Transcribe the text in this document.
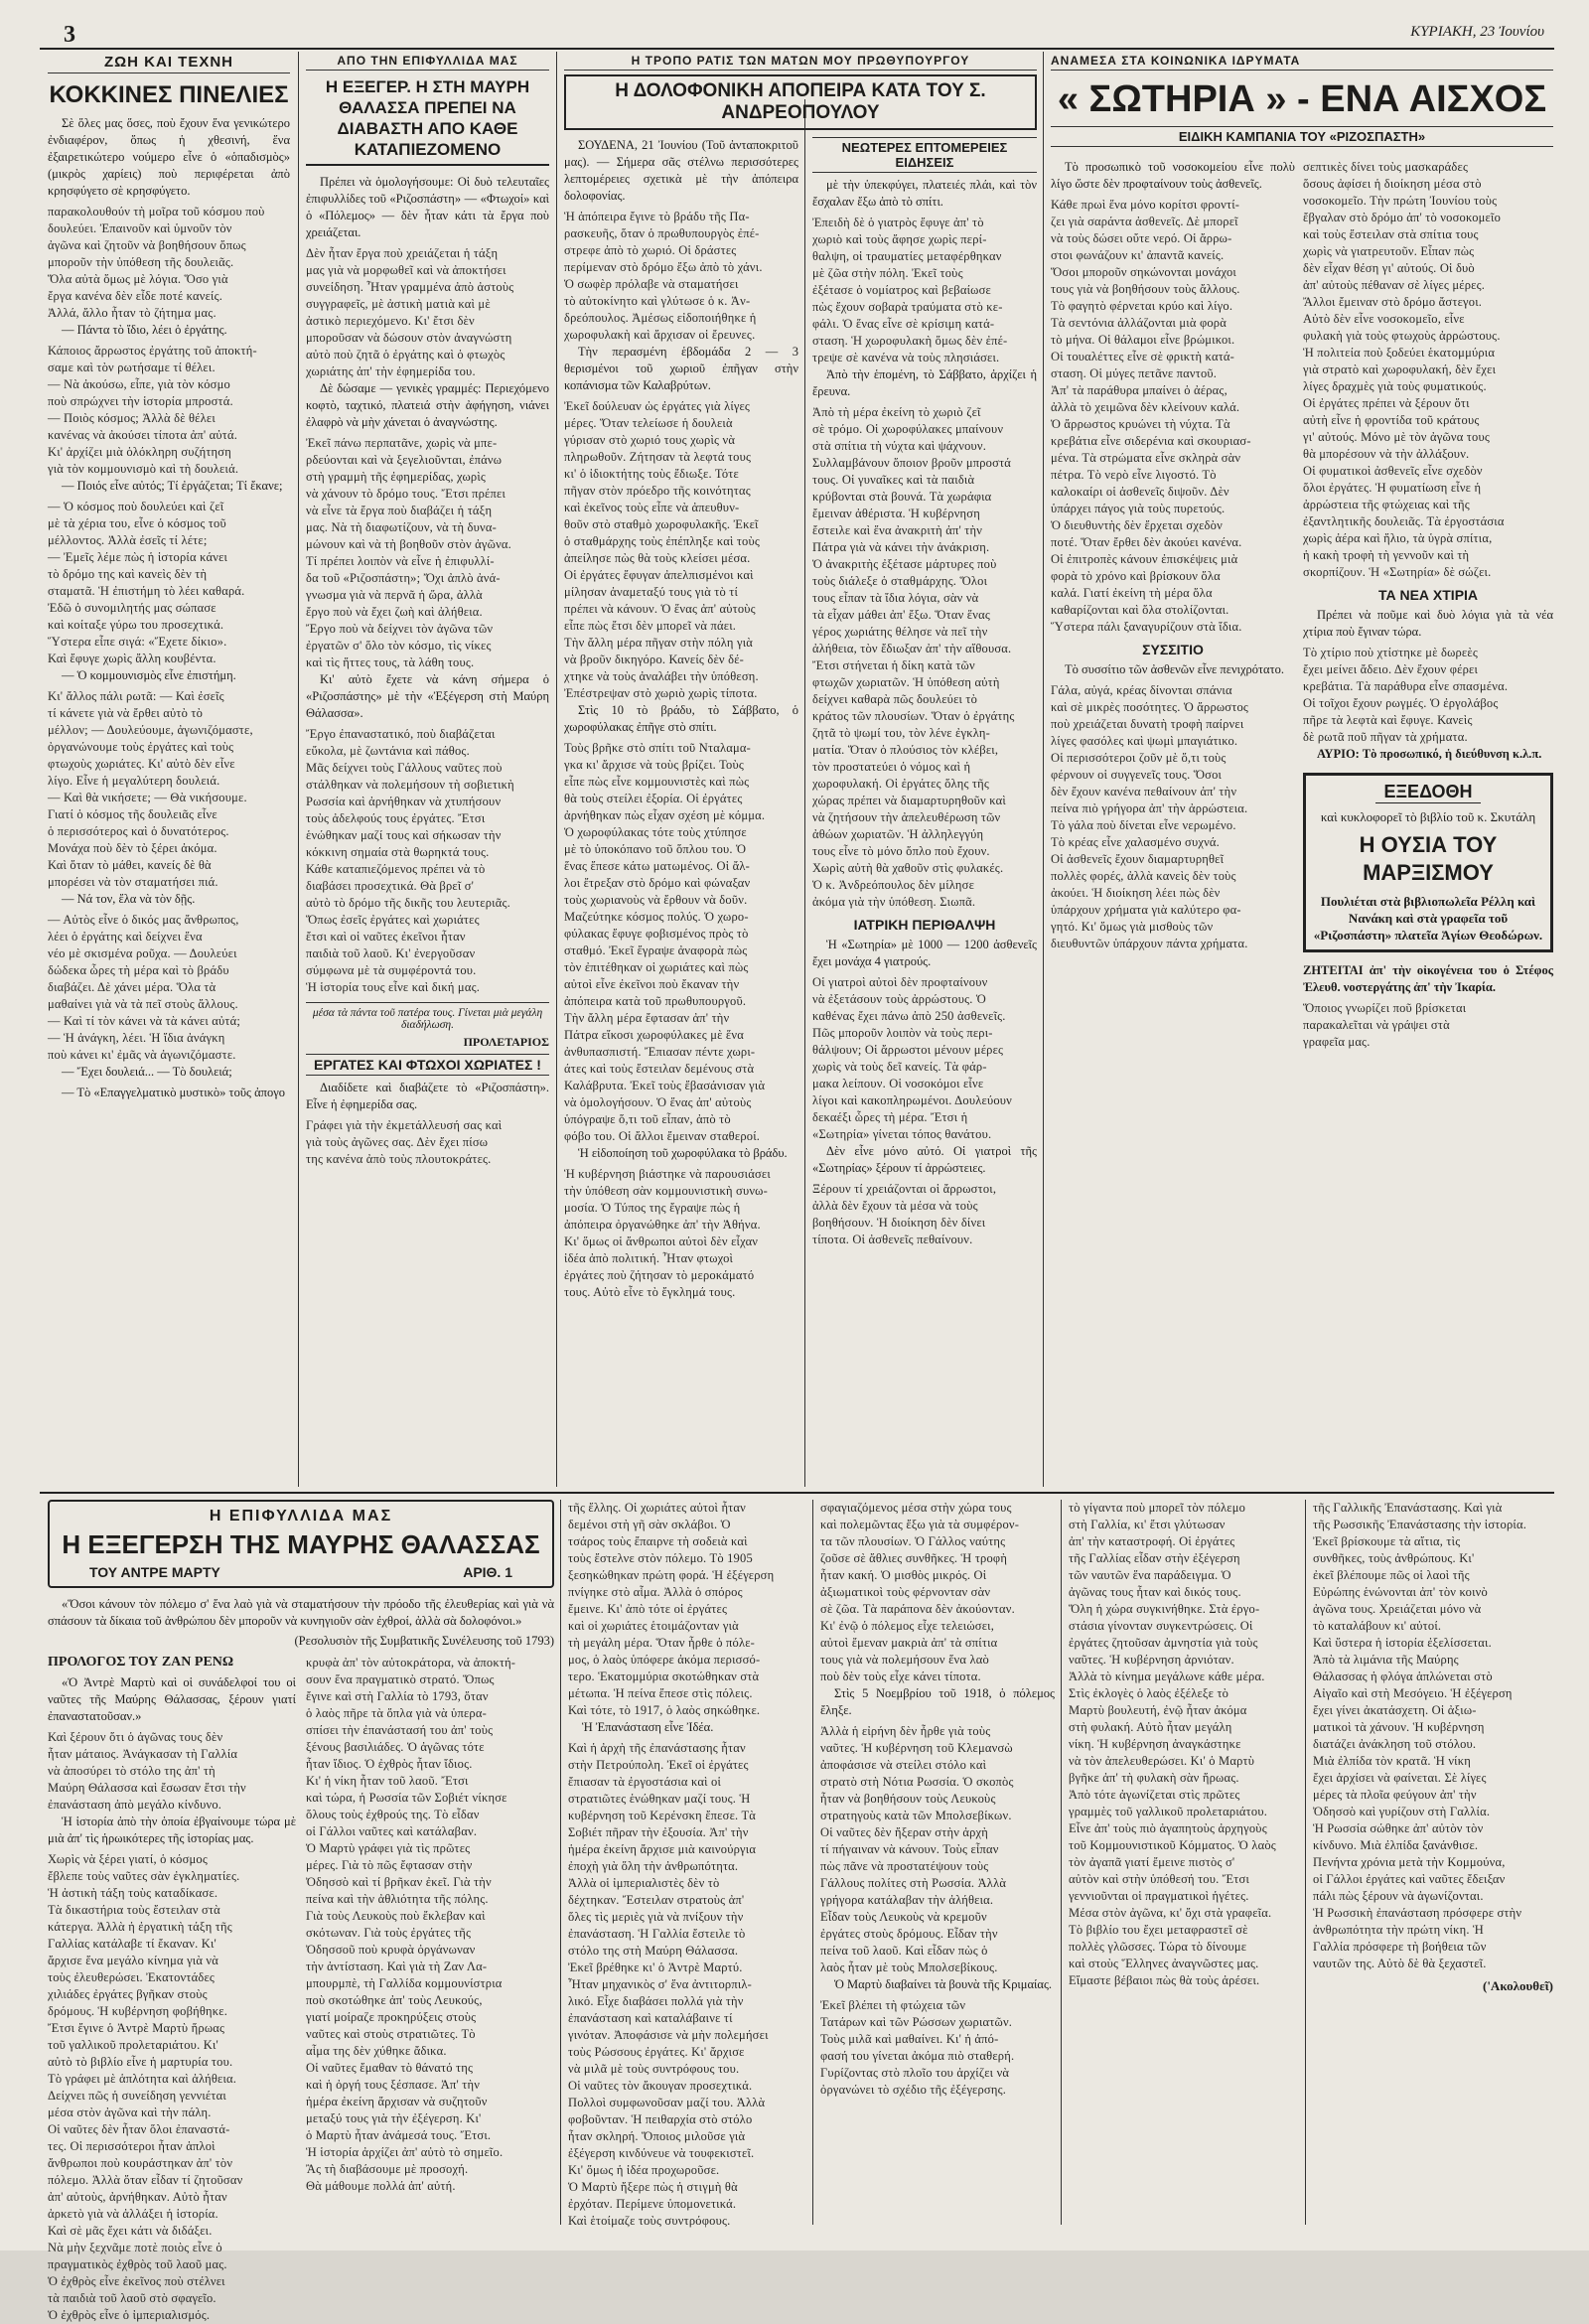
3	ΚΥΡΙΑΚΗ, 23 Ἰουνίου
ΖΩΗ ΚΑΙ ΤΕΧΝΗ
ΚΟΚΚΙΝΕΣ ΠΙΝΕΛΙΕΣ

Σὲ ὅλες μας ὅσες, ποὺ ἔχουν ἕνα γενικώτερο ἐνδιαφέρον, ὅπως ἡ χθεσινή, ἕνα ἐξαιρετικώτερο νούμερο εἶνε ὁ «ὁπαδισμὸς» (μικρὸς χαρίεις) ποὺ περιφέρεται ἀπὸ κρησφύγετο σὲ κρησφύγετο.

παρακολουθούν τὴ μοῖρα τοῦ κόσμου ποὺ
δουλεύει. Ἐπαινοῦν καὶ ὑμνοῦν τὸν
ἀγῶνα καὶ ζητοῦν νὰ βοηθήσουν ὅπως
μποροῦν τὴν ὑπόθεση τῆς δουλειᾶς.
Ὅλα αὐτὰ ὅμως μὲ λόγια. Ὅσο γιὰ
ἔργα κανένα δὲν εἶδε ποτέ κανείς.
Ἀλλά, ἄλλο ἦταν τὸ ζήτημα μας.

— Πάντα τὸ ἴδιο, λέει ὁ ἐργάτης.

Κάποιος ἄρρωστος ἐργάτης τοῦ ἀποκτή-
σαμε καὶ τὸν ρωτήσαμε τί θέλει.
— Νὰ ἀκούσω, εἶπε, γιὰ τὸν κόσμο
ποὺ σπρώχνει τὴν ἱστορία μπροστά.
— Ποιὸς κόσμος; Ἀλλὰ δὲ θέλει
κανένας νὰ ἀκούσει τίποτα ἀπ' αὐτά.
Κι' ἀρχίζει μιὰ ὁλόκληρη συζήτηση
γιὰ τὸν κομμουνισμὸ καὶ τὴ δουλειά.

— Ποιός εἶνε αὐτός; Τί ἐργάζεται; Τί ἔκανε;

— Ὁ κόσμος ποὺ δουλεύει καὶ ζεῖ
μὲ τὰ χέρια του, εἶνε ὁ κόσμος τοῦ
μέλλοντος. Ἀλλὰ ἐσεῖς τί λέτε;
— Ἐμεῖς λέμε πὼς ἡ ἱστορία κάνει
τὸ δρόμο της καὶ κανεὶς δὲν τὴ
σταματᾶ. Ἡ ἐπιστήμη τὸ λέει καθαρά.
Ἐδῶ ὁ συνομιλητής μας σώπασε
καὶ κοίταξε γύρω του προσεχτικά.
Ὕστερα εἶπε σιγά: «Ἔχετε δίκιο».
Καὶ ἔφυγε χωρὶς ἄλλη κουβέντα.

— Ὁ κομμουνισμὸς εἶνε ἐπιστήμη.

Κι' ἄλλος πάλι ρωτᾶ: — Καὶ ἐσεῖς
τί κάνετε γιὰ νὰ ἔρθει αὐτὸ τὸ
μέλλον; — Δουλεύουμε, ἀγωνιζόμαστε,
ὀργανώνουμε τοὺς ἐργάτες καὶ τοὺς
φτωχοὺς χωριάτες. Κι' αὐτὸ δὲν εἶνε
λίγο. Εἶνε ἡ μεγαλύτερη δουλειά.
— Καὶ θὰ νικήσετε; — Θὰ νικήσουμε.
Γιατί ὁ κόσμος τῆς δουλειᾶς εἶνε
ὁ περισσότερος καὶ ὁ δυνατότερος.
Μονάχα ποὺ δὲν τὸ ξέρει ἀκόμα.
Καὶ ὅταν τὸ μάθει, κανείς δὲ θὰ
μπορέσει νὰ τὸν σταματήσει πιά.

— Νά τον, ἔλα νὰ τὸν δῇς.

— Αὐτὸς εἶνε ὁ δικός μας ἄνθρωπος,
λέει ὁ ἐργάτης καὶ δείχνει ἕνα
νέο μὲ σκισμένα ροῦχα. — Δουλεύει
δώδεκα ὧρες τὴ μέρα καὶ τὸ βράδυ
διαβάζει. Δὲ χάνει μέρα. Ὅλα τὰ
μαθαίνει γιὰ νὰ τὰ πεῖ στοὺς ἄλλους.
— Καὶ τί τὸν κάνει νὰ τὰ κάνει αὐτά;
— Ἡ ἀνάγκη, λέει. Ἡ ἴδια ἀνάγκη
ποὺ κάνει κι' ἐμᾶς νὰ ἀγωνιζόμαστε.

— Ἔχει δουλειά... — Τὸ δουλειά;

— Τὸ «Επαγγελματικὸ μυστικὸ» τοῦς ἀπογο

ΑΠΟ ΤΗΝ ΕΠΙΦΥΛΛΙΔΑ ΜΑΣ
Η ΕΞΕΓΕΡ. Η ΣΤΗ ΜΑΥΡΗ ΘΑΛΑΣΣΑ ΠΡΕΠΕΙ ΝΑ ΔΙΑΒΑΣΤΗ ΑΠΟ ΚΑΘΕ ΚΑΤΑΠΙΕΖΟΜΕΝΟ

Πρέπει νὰ ὁμολογήσουμε: Οἱ δυὸ τελευταῖες ἐπιφυλλίδες τοῦ «Ριζοσπάστη» — «Φτωχοί» καὶ ὁ «Πόλεμος» — δὲν ἦταν κάτι τὰ ἔργα ποὺ χρειάζεται.

Δὲν ἦταν ἔργα ποὺ χρειάζεται ἡ τάξη
μας γιὰ νὰ μορφωθεῖ καὶ νὰ ἀποκτήσει
συνείδηση. Ἦταν γραμμένα ἀπὸ ἀστοὺς
συγγραφεῖς, μὲ ἀστικὴ ματιὰ καὶ μὲ
ἀστικὸ περιεχόμενο. Κι' ἔτσι δὲν
μποροῦσαν νὰ δώσουν στὸν ἀναγνώστη
αὐτὸ ποὺ ζητᾶ ὁ ἐργάτης καὶ ὁ φτωχὸς
χωριάτης ἀπ' τὴν ἐφημερίδα του.

Δὲ δώσαμε — γενικὲς γραμμές: Περιεχόμενο κοφτὸ, ταχτικό, πλατειά στὴν ἀφήγηση, νιάνει ἐλαφρὸ νὰ μὴν χάνεται ὁ ἀναγνώστης.

Ἐκεῖ πάνω περπατᾶνε, χωρὶς νὰ μπε-
ρδεύονται καὶ νὰ ξεγελιοῦνται, ἐπάνω
στὴ γραμμὴ τῆς ἐφημερίδας, χωρὶς
νὰ χάνουν τὸ δρόμο τους. Ἔτσι πρέπει
νὰ εἶνε τὰ ἔργα ποὺ διαβάζει ἡ τάξη
μας. Νὰ τὴ διαφωτίζουν, νὰ τὴ δυνα-
μώνουν καὶ νὰ τὴ βοηθοῦν στὸν ἀγῶνα.
Τί πρέπει λοιπὸν νὰ εἶνε ἡ ἐπιφυλλί-
δα τοῦ «Ριζοσπάστη»; Ὄχι ἀπλὸ ἀνά-
γνωσμα γιὰ νὰ περνᾶ ἡ ὥρα, ἀλλὰ
ἔργο ποὺ νὰ ἔχει ζωὴ καὶ ἀλήθεια.
Ἔργο ποὺ νὰ δείχνει τὸν ἀγῶνα τῶν
ἐργατῶν σ' ὅλο τὸν κόσμο, τὶς νίκες
καὶ τὶς ἥττες τους, τὰ λάθη τους.

Κι' αὐτὸ ἔχετε νὰ κάνη σήμερα ὁ «Ριζοσπάστης» μὲ τὴν «Ἐξέγερση στὴ Μαύρη Θάλασσα».

Ἔργο ἐπαναστατικό, ποὺ διαβάζεται
εὔκολα, μὲ ζωντάνια καὶ πάθος.
Μᾶς δείχνει τοὺς Γάλλους ναῦτες ποὺ
στάλθηκαν νὰ πολεμήσουν τὴ σοβιετικὴ
Ρωσσία καὶ ἀρνήθηκαν νὰ χτυπήσουν
τοὺς ἀδελφούς τους ἐργάτες. Ἔτσι
ἑνώθηκαν μαζί τους καὶ σήκωσαν τὴν
κόκκινη σημαία στὰ θωρηκτά τους.
Κάθε καταπιεζόμενος πρέπει νὰ τὸ
διαβάσει προσεχτικά. Θὰ βρεῖ σ'
αὐτὸ τὸ δρόμο τῆς δικῆς του λευτεριᾶς.
Ὅπως ἐσεῖς ἐργάτες καὶ χωριάτες
ἔτσι καὶ οἱ ναῦτες ἐκεῖνοι ἦταν
παιδιὰ τοῦ λαοῦ. Κι' ἐνεργοῦσαν
σύμφωνα μὲ τὰ συμφέροντά του.
Ἡ ἱστορία τους εἶνε καὶ δική μας.
μέσα τὰ πάντα τοῦ πατέρα τους. Γίνεται μιὰ μεγάλη διαδήλωση.
ΠΡΟΛΕΤΑΡΙΟΣ
ΕΡΓΑΤΕΣ ΚΑΙ ΦΤΩΧΟΙ ΧΩΡΙΑΤΕΣ !

Διαδίδετε καὶ διαβάζετε τὸ «Ριζοσπάστη». Εἶνε ἡ ἐφημερίδα σας.

Γράφει γιὰ τὴν ἐκμετάλλευσή σας καὶ
γιὰ τοὺς ἀγῶνες σας. Δὲν ἔχει πίσω
της κανένα ἀπὸ τοὺς πλουτοκράτες.
Η ΤΡΟΠΟ ΡΑΤΙΣ ΤΩΝ ΜΑΤΩΝ ΜΟΥ ΠΡΩΘΥΠΟΥΡΓΟΥ
Η ΔΟΛΟΦΟΝΙΚΗ ΑΠΟΠΕΙΡΑ ΚΑΤΑ ΤΟΥ Σ. ΑΝΔΡΕΟΠΟΥΛΟΥ

ΣΟΥΔΕΝΑ, 21 Ἰουνίου (Τοῦ ἀνταποκριτοῦ μας). — Σήμερα σᾶς στέλνω περισσότερες λεπτομέρειες σχετικὰ μὲ τὴν ἀπόπειρα δολοφονίας.

Ἡ ἀπόπειρα ἔγινε τὸ βράδυ τῆς Πα-
ρασκευῆς, ὅταν ὁ πρωθυπουργὸς ἐπέ-
στρεφε ἀπὸ τὸ χωριό. Οἱ δράστες
περίμεναν στὸ δρόμο ἔξω ἀπὸ τὸ χάνι.
Ὁ σωφὲρ πρόλαβε νὰ σταματήσει
τὸ αὐτοκίνητο καὶ γλύτωσε ὁ κ. Ἀν-
δρεόπουλος. Ἀμέσως εἰδοποιήθηκε ἡ
χωροφυλακὴ καὶ ἄρχισαν οἱ ἔρευνες.

Τὴν περασμένη ἑβδομάδα 2 — 3 θερισμένοι τοῦ χωριοῦ ἐπῆγαν στὴν κοπάνισμα τῶν Καλαβρύτων.

Ἐκεῖ δούλευαν ὡς ἐργάτες γιὰ λίγες
μέρες. Ὅταν τελείωσε ἡ δουλειὰ
γύρισαν στὸ χωριό τους χωρὶς νὰ
πληρωθοῦν. Ζήτησαν τὰ λεφτά τους
κι' ὁ ἰδιοκτήτης τοὺς ἔδιωξε. Τότε
πῆγαν στὸν πρόεδρο τῆς κοινότητας
καὶ ἐκεῖνος τοὺς εἶπε νὰ ἀπευθυν-
θοῦν στὸ σταθμὸ χωροφυλακῆς. Ἐκεῖ
ὁ σταθμάρχης τοὺς ἐπέπληξε καὶ τοὺς
ἀπείλησε πὼς θὰ τοὺς κλείσει μέσα.
Οἱ ἐργάτες ἔφυγαν ἀπελπισμένοι καὶ
μίλησαν ἀναμεταξύ τους γιὰ τὸ τί
πρέπει νὰ κάνουν. Ὁ ἕνας ἀπ' αὐτοὺς
εἶπε πὼς ἔτσι δὲν μπορεῖ νὰ πάει.
Τὴν ἄλλη μέρα πῆγαν στὴν πόλη γιὰ
νὰ βροῦν δικηγόρο. Κανείς δὲν δέ-
χτηκε νὰ τοὺς ἀναλάβει τὴν ὑπόθεση.
Ἐπέστρεψαν στὸ χωριὸ χωρὶς τίποτα.

Στὶς 10 τὸ βράδυ, τὸ Σάββατο, ὁ χωροφύλακας ἐπῆγε στὸ σπίτι.

Τοὺς βρῆκε στὸ σπίτι τοῦ Νταλαμα-
γκα κι' ἄρχισε νὰ τοὺς βρίζει. Τοὺς
εἶπε πὼς εἶνε κομμουνιστὲς καὶ πὼς
θὰ τοὺς στείλει ἐξορία. Οἱ ἐργάτες
ἀρνήθηκαν πὼς εἶχαν σχέση μὲ κόμμα.
Ὁ χωροφύλακας τότε τοὺς χτύπησε
μὲ τὸ ὑποκόπανο τοῦ ὅπλου του. Ὁ
ἕνας ἔπεσε κάτω ματωμένος. Οἱ ἄλ-
λοι ἔτρεξαν στὸ δρόμο καὶ φώναξαν
τοὺς χωριανοὺς νὰ ἔρθουν νὰ δοῦν.
Μαζεύτηκε κόσμος πολύς. Ὁ χωρο-
φύλακας ἔφυγε φοβισμένος πρὸς τὸ
σταθμό. Ἐκεῖ ἔγραψε ἀναφορὰ πὼς
τὸν ἐπιτέθηκαν οἱ χωριάτες καὶ πὼς
αὐτοὶ εἶνε ἐκεῖνοι ποὺ ἔκαναν τὴν
ἀπόπειρα κατὰ τοῦ πρωθυπουργοῦ.
Τὴν ἄλλη μέρα ἔφτασαν ἀπ' τὴν
Πάτρα εἴκοσι χωροφύλακες μὲ ἕνα
ἀνθυπασπιστή. Ἔπιασαν πέντε χωρι-
άτες καὶ τοὺς ἔστειλαν δεμένους στὰ
Καλάβρυτα. Ἐκεῖ τοὺς ἔβασάνισαν γιὰ
νὰ ὁμολογήσουν. Ὁ ἕνας ἀπ' αὐτοὺς
ὑπόγραψε ὅ,τι τοῦ εἶπαν, ἀπὸ τὸ
φόβο του. Οἱ ἄλλοι ἔμειναν σταθεροί.

Ἡ εἰδοποίηση τοῦ χωροφύλακα τὸ βράδυ.

Ἡ κυβέρνηση βιάστηκε νὰ παρουσιάσει
τὴν ὑπόθεση σὰν κομμουνιστικὴ συνω-
μοσία. Ὁ Τύπος της ἔγραψε πὼς ἡ
ἀπόπειρα ὀργανώθηκε ἀπ' τὴν Ἀθήνα.
Κι' ὅμως οἱ ἄνθρωποι αὐτοὶ δὲν εἶχαν
ἰδέα ἀπὸ πολιτική. Ἦταν φτωχοὶ
ἐργάτες ποὺ ζήτησαν τὸ μεροκάματό
τους. Αὐτὸ εἶνε τὸ ἔγκλημά τους.
ΝΕΩΤΕΡΕΣ ΕΠΤΟΜΕΡΕΙΕΣ ΕΙΔΗΣΕΙΣ

μὲ τὴν ὑπεκφύγει, πλατειές πλάι, καὶ τὸν ἔσχαλαν ἔξω ἀπὸ τὸ σπίτι.

Ἐπειδὴ δὲ ὁ γιατρὸς ἔφυγε ἀπ' τὸ
χωριὸ καὶ τοὺς ἄφησε χωρὶς περί-
θαλψη, οἱ τραυματίες μεταφέρθηκαν
μὲ ζῶα στὴν πόλη. Ἐκεῖ τοὺς
ἐξέτασε ὁ νομίατρος καὶ βεβαίωσε
πὼς ἔχουν σοβαρὰ τραύματα στὸ κε-
φάλι. Ὁ ἕνας εἶνε σὲ κρίσιμη κατά-
σταση. Ἡ χωροφυλακὴ ὅμως δὲν ἐπέ-
τρεψε σὲ κανένα νὰ τοὺς πλησιάσει.

Ἀπὸ τὴν ἑπομένη, τὸ Σάββατο, ἀρχίζει ἡ ἔρευνα.

Ἀπὸ τὴ μέρα ἐκείνη τὸ χωριὸ ζεῖ
σὲ τρόμο. Οἱ χωροφύλακες μπαίνουν
στὰ σπίτια τὴ νύχτα καὶ ψάχνουν.
Συλλαμβάνουν ὅποιον βροῦν μπροστά
τους. Οἱ γυναῖκες καὶ τὰ παιδιὰ
κρύβονται στὰ βουνά. Τὰ χωράφια
ἔμειναν ἀθέριστα. Ἡ κυβέρνηση
ἔστειλε καὶ ἕνα ἀνακριτὴ ἀπ' τὴν
Πάτρα γιὰ νὰ κάνει τὴν ἀνάκριση.
Ὁ ἀνακριτὴς ἐξέτασε μάρτυρες ποὺ
τοὺς διάλεξε ὁ σταθμάρχης. Ὅλοι
τους εἶπαν τὰ ἴδια λόγια, σὰν νὰ
τὰ εἶχαν μάθει ἀπ' ἔξω. Ὅταν ἕνας
γέρος χωριάτης θέλησε νὰ πεῖ τὴν
ἀλήθεια, τὸν ἔδιωξαν ἀπ' τὴν αἴθουσα.
Ἔτσι στήνεται ἡ δίκη κατὰ τῶν
φτωχῶν χωριατῶν. Ἡ ὑπόθεση αὐτὴ
δείχνει καθαρὰ πῶς δουλεύει τὸ
κράτος τῶν πλουσίων. Ὅταν ὁ ἐργάτης
ζητᾶ τὸ ψωμί του, τὸν λένε ἐγκλη-
ματία. Ὅταν ὁ πλούσιος τὸν κλέβει,
τὸν προστατεύει ὁ νόμος καὶ ἡ
χωροφυλακή. Οἱ ἐργάτες ὅλης τῆς
χώρας πρέπει νὰ διαμαρτυρηθοῦν καὶ
νὰ ζητήσουν τὴν ἀπελευθέρωση τῶν
ἀθώων χωριατῶν. Ἡ ἀλληλεγγύη
τους εἶνε τὸ μόνο ὅπλο ποὺ ἔχουν.
Χωρὶς αὐτὴ θὰ χαθοῦν στὶς φυλακές.
Ὁ κ. Ἀνδρεόπουλος δὲν μίλησε
ἀκόμα γιὰ τὴν ὑπόθεση. Σιωπᾶ.
ΙΑΤΡΙΚΗ ΠΕΡΙΘΑΛΨΗ

Ἡ «Σωτηρία» μὲ 1000 — 1200 ἀσθενεῖς ἔχει μονάχα 4 γιατρούς.

Οἱ γιατροὶ αὐτοὶ δὲν προφταίνουν
νὰ ἐξετάσουν τοὺς ἀρρώστους. Ὁ
καθένας ἔχει πάνω ἀπὸ 250 ἀσθενεῖς.
Πῶς μποροῦν λοιπὸν νὰ τοὺς περι-
θάλψουν; Οἱ ἄρρωστοι μένουν μέρες
χωρὶς νὰ τοὺς δεῖ κανείς. Τὰ φάρ-
μακα λείπουν. Οἱ νοσοκόμοι εἶνε
λίγοι καὶ κακοπληρωμένοι. Δουλεύουν
δεκαέξι ὧρες τὴ μέρα. Ἔτσι ἡ
«Σωτηρία» γίνεται τόπος θανάτου.

Δὲν εἶνε μόνο αὐτό. Οἱ γιατροὶ τῆς «Σωτηρίας» ξέρουν τί ἀρρώστειες.

Ξέρουν τί χρειάζονται οἱ ἄρρωστοι,
ἀλλὰ δὲν ἔχουν τὰ μέσα νὰ τοὺς
βοηθήσουν. Ἡ διοίκηση δὲν δίνει
τίποτα. Οἱ ἀσθενεῖς πεθαίνουν.
ΑΝΑΜΕΣΑ ΣΤΑ ΚΟΙΝΩΝΙΚΑ ΙΔΡΥΜΑΤΑ
« ΣΩΤΗΡΙΑ » - ΕΝΑ ΑΙΣΧΟΣ
ΕΙΔΙΚΗ ΚΑΜΠΑΝΙΑ ΤΟΥ «ΡΙΖΟΣΠΑΣΤΗ»

Τὸ προσωπικὸ τοῦ νοσοκομείου εἶνε πολὺ λίγο ὥστε δὲν προφταίνουν τοὺς ἀσθενεῖς.

Κάθε πρωὶ ἕνα μόνο κορίτσι φροντί-
ζει γιὰ σαράντα ἀσθενεῖς. Δὲ μπορεῖ
νὰ τοὺς δώσει οὔτε νερό. Οἱ ἄρρω-
στοι φωνάζουν κι' ἀπαντᾶ κανείς.
Ὅσοι μποροῦν σηκώνονται μονάχοι
τους γιὰ νὰ βοηθήσουν τοὺς ἄλλους.
Τὸ φαγητὸ φέρνεται κρύο καὶ λίγο.
Τὰ σεντόνια ἀλλάζονται μιὰ φορὰ
τὸ μήνα. Οἱ θάλαμοι εἶνε βρώμικοι.
Οἱ τουαλέττες εἶνε σὲ φρικτὴ κατά-
σταση. Οἱ μύγες πετᾶνε παντοῦ.
Ἀπ' τὰ παράθυρα μπαίνει ὁ ἀέρας,
ἀλλὰ τὸ χειμῶνα δὲν κλείνουν καλά.
Ὁ ἄρρωστος κρυώνει τὴ νύχτα. Τὰ
κρεβάτια εἶνε σιδερένια καὶ σκουριασ-
μένα. Τὰ στρώματα εἶνε σκληρὰ σὰν
πέτρα. Τὸ νερὸ εἶνε λιγοστό. Τὸ
καλοκαίρι οἱ ἀσθενεῖς διψοῦν. Δὲν
ὑπάρχει πάγος γιὰ τοὺς πυρετούς.
Ὁ διευθυντὴς δὲν ἔρχεται σχεδὸν
ποτέ. Ὅταν ἔρθει δὲν ἀκούει κανένα.
Οἱ ἐπιτροπὲς κάνουν ἐπισκέψεις μιὰ
φορὰ τὸ χρόνο καὶ βρίσκουν ὅλα
καλά. Γιατί ἐκείνη τὴ μέρα ὅλα
καθαρίζονται καὶ ὅλα στολίζονται.
Ὕστερα πάλι ξαναγυρίζουν στὰ ἴδια.
ΣΥΣΣΙΤΙΟ

Τὸ συσσίτιο τῶν ἀσθενῶν εἶνε πενιχρότατο.

Γάλα, αὐγά, κρέας δίνονται σπάνια
καὶ σὲ μικρὲς ποσότητες. Ὁ ἄρρωστος
ποὺ χρειάζεται δυνατὴ τροφὴ παίρνει
λίγες φασόλες καὶ ψωμὶ μπαγιάτικο.
Οἱ περισσότεροι ζοῦν μὲ ὅ,τι τοὺς
φέρνουν οἱ συγγενεῖς τους. Ὅσοι
δὲν ἔχουν κανένα πεθαίνουν ἀπ' τὴν
πείνα πιὸ γρήγορα ἀπ' τὴν ἀρρώστεια.
Τὸ γάλα ποὺ δίνεται εἶνε νερωμένο.
Τὸ κρέας εἶνε χαλασμένο συχνά.
Οἱ ἀσθενεῖς ἔχουν διαμαρτυρηθεῖ
πολλὲς φορές, ἀλλὰ κανεὶς δὲν τοὺς
ἀκούει. Ἡ διοίκηση λέει πὼς δὲν
ὑπάρχουν χρήματα γιὰ καλύτερο φα-
γητό. Κι' ὅμως γιὰ μισθοὺς τῶν
διευθυντῶν ὑπάρχουν πάντα χρήματα.
σεπτικὲς δίνει τοὺς μασκαράδες
ὅσους ἀφίσει ἡ διοίκηση μέσα στὸ
νοσοκομεῖο. Τὴν πρώτη Ἰουνίου τοὺς
ἔβγαλαν στὸ δρόμο ἀπ' τὸ νοσοκομεῖο
καὶ τοὺς ἔστειλαν στὰ σπίτια τους
χωρὶς νὰ γιατρευτοῦν. Εἶπαν πὼς
δὲν εἶχαν θέση γι' αὐτούς. Οἱ δυὸ
ἀπ' αὐτοὺς πέθαναν σὲ λίγες μέρες.
Ἄλλοι ἔμειναν στὸ δρόμο ἄστεγοι.
Αὐτὸ δὲν εἶνε νοσοκομεῖο, εἶνε
φυλακὴ γιὰ τοὺς φτωχοὺς ἀρρώστους.
Ἡ πολιτεία ποὺ ξοδεύει ἑκατομμύρια
γιὰ στρατὸ καὶ χωροφυλακή, δὲν ἔχει
λίγες δραχμὲς γιὰ τοὺς φυματικούς.
Οἱ ἐργάτες πρέπει νὰ ξέρουν ὅτι
αὐτὴ εἶνε ἡ φροντίδα τοῦ κράτους
γι' αὐτούς. Μόνο μὲ τὸν ἀγῶνα τους
θὰ μπορέσουν νὰ τὴν ἀλλάξουν.
Οἱ φυματικοὶ ἀσθενεῖς εἶνε σχεδὸν
ὅλοι ἐργάτες. Ἡ φυματίωση εἶνε ἡ
ἀρρώστεια τῆς φτώχειας καὶ τῆς
ἐξαντλητικῆς δουλειᾶς. Τὰ ἐργοστάσια
χωρὶς ἀέρα καὶ ἥλιο, τὰ ὑγρὰ σπίτια,
ἡ κακὴ τροφὴ τὴ γεννοῦν καὶ τὴ
σκορπίζουν. Ἡ «Σωτηρία» δὲ σώζει.
ΤΑ ΝΕΑ ΧΤΙΡΙΑ

Πρέπει νὰ ποῦμε καὶ δυὸ λόγια γιὰ τὰ νέα χτίρια ποὺ ἔγιναν τώρα.

Τὸ χτίριο ποὺ χτίστηκε μὲ δωρεὲς
ἔχει μείνει ἄδειο. Δὲν ἔχουν φέρει
κρεβάτια. Τὰ παράθυρα εἶνε σπασμένα.
Οἱ τοῖχοι ἔχουν ρωγμές. Ὁ ἐργολάβος
πῆρε τὰ λεφτὰ καὶ ἔφυγε. Κανεὶς
δὲ ρωτᾶ ποῦ πῆγαν τὰ χρήματα.

ΑΥΡΙΟ: Τὸ προσωπικό, ἡ διεύθυνση κ.λ.π.

ΕΞΕΔΟΘΗ
καὶ κυκλοφορεῖ τὸ βιβλίο τοῦ κ. Σκυτάλη
Η ΟΥΣΙΑ ΤΟΥ ΜΑΡΞΙΣΜΟΥ
Πουλιέται στὰ βιβλιοπωλεῖα Ρέλλη καὶ Νανάκη καὶ στὰ γραφεῖα τοῦ «Ριζοσπάστη» πλατεῖα Ἁγίων Θεοδώρων.

ΖΗΤΕΙΤΑΙ ἀπ' τὴν οἰκογένεια του ὁ Στέφος Ἐλευθ. νοστεργάτης ἀπ' τὴν Ἰκαρία.

Ὅποιος γνωρίζει ποῦ βρίσκεται
παρακαλεῖται νὰ γράψει στὰ
γραφεῖα μας.
Η ΕΠΙΦΥΛΛΙΔΑ ΜΑΣ
Η ΕΞΕΓΕΡΣΗ ΤΗΣ ΜΑΥΡΗΣ ΘΑΛΑΣΣΑΣ
ΤΟΥ ΑΝΤΡΕ ΜΑΡΤΥ	ΑΡΙΘ. 1

«Ὅσοι κάνουν τὸν πόλεμο σ' ἕνα λαὸ γιὰ νὰ σταματήσουν τὴν πρόοδο τῆς ἐλευθερίας καὶ γιὰ νὰ σπάσουν τὰ δίκαια τοῦ ἀνθρώπου δὲν μποροῦν νὰ κυνηγιοῦν σὰν ἐχθροί, ἀλλὰ σὰ δολοφόνοι.»

(Ρεσολυσιὸν τῆς Συμβατικῆς Συνέλευσης τοῦ 1793)
ΠΡΟΛΟΓΟΣ ΤΟΥ ΖΑΝ ΡΕΝΩ

«Ὁ Ἀντρὲ Μαρτὺ καὶ οἱ συνάδελφοί του οἱ ναῦτες τῆς Μαύρης Θάλασσας, ξέρουν γιατί ἐπαναστατοῦσαν.»

Καὶ ξέρουν ὅτι ὁ ἀγῶνας τους δὲν
ἦταν μάταιος. Ἀνάγκασαν τὴ Γαλλία
νὰ ἀποσύρει τὸ στόλο της ἀπ' τὴ
Μαύρη Θάλασσα καὶ ἔσωσαν ἔτσι τὴν
ἐπανάσταση ἀπὸ μεγάλο κίνδυνο.

Ἡ ἱστορία ἀπὸ τὴν ὁποία ἐβγαίνουμε τώρα μὲ μιὰ ἀπ' τὶς ἡρωικότερες τῆς ἱστορίας μας.

Χωρὶς νὰ ξέρει γιατί, ὁ κόσμος
ἔβλεπε τοὺς ναῦτες σὰν ἐγκληματίες.
Ἡ ἀστικὴ τάξη τοὺς καταδίκασε.
Τὰ δικαστήρια τοὺς ἔστειλαν στὰ
κάτεργα. Ἀλλὰ ἡ ἐργατικὴ τάξη τῆς
Γαλλίας κατάλαβε τί ἔκαναν. Κι'
ἄρχισε ἕνα μεγάλο κίνημα γιὰ νὰ
τοὺς ἐλευθερώσει. Ἐκατοντάδες
χιλιάδες ἐργάτες βγῆκαν στοὺς
δρόμους. Ἡ κυβέρνηση φοβήθηκε.
Ἔτσι ἔγινε ὁ Ἀντρὲ Μαρτὺ ἥρωας
τοῦ γαλλικοῦ προλεταριάτου. Κι'
αὐτὸ τὸ βιβλίο εἶνε ἡ μαρτυρία του.
Τὸ γράφει μὲ ἁπλότητα καὶ ἀλήθεια.
Δείχνει πῶς ἡ συνείδηση γεννιέται
μέσα στὸν ἀγῶνα καὶ τὴν πάλη.
Οἱ ναῦτες δὲν ἦταν ὅλοι ἐπαναστά-
τες. Οἱ περισσότεροι ἦταν ἁπλοὶ
ἄνθρωποι ποὺ κουράστηκαν ἀπ' τὸν
πόλεμο. Ἀλλὰ ὅταν εἶδαν τί ζητοῦσαν
ἀπ' αὐτοὺς, ἀρνήθηκαν. Αὐτὸ ἦταν
ἀρκετὸ γιὰ νὰ ἀλλάξει ἡ ἱστορία.
Καὶ σὲ μᾶς ἔχει κάτι νὰ διδάξει.
Νὰ μὴν ξεχνᾶμε ποτὲ ποιὸς εἶνε ὁ
πραγματικὸς ἐχθρὸς τοῦ λαοῦ μας.
Ὁ ἐχθρὸς εἶνε ἐκεῖνος ποὺ στέλνει
τὰ παιδιὰ τοῦ λαοῦ στὸ σφαγεῖο.
Ὁ ἐχθρὸς εἶνε ὁ ἰμπεριαλισμός.
κρυφὰ ἀπ' τὸν αὐτοκράτορα, νὰ ἀποκτή-
σουν ἕνα πραγματικὸ στρατό. Ὅπως
ἔγινε καὶ στὴ Γαλλία τὸ 1793, ὅταν
ὁ λαὸς πῆρε τὰ ὅπλα γιὰ νὰ ὑπερα-
σπίσει τὴν ἐπανάστασή του ἀπ' τοὺς
ξένους βασιλιάδες. Ὁ ἀγῶνας τότε
ἦταν ἴδιος. Ὁ ἐχθρὸς ἦταν ἴδιος.
Κι' ἡ νίκη ἦταν τοῦ λαοῦ. Ἔτσι
καὶ τώρα, ἡ Ρωσσία τῶν Σοβιέτ νίκησε
ὅλους τοὺς ἐχθρούς της. Τὸ εἶδαν
οἱ Γάλλοι ναῦτες καὶ κατάλαβαν.
Ὁ Μαρτὺ γράφει γιὰ τὶς πρῶτες
μέρες. Γιὰ τὸ πῶς ἔφτασαν στὴν
Ὀδησσὸ καὶ τί βρῆκαν ἐκεῖ. Γιὰ τὴν
πείνα καὶ τὴν ἀθλιότητα τῆς πόλης.
Γιὰ τοὺς Λευκοὺς ποὺ ἔκλεβαν καὶ
σκότωναν. Γιὰ τοὺς ἐργάτες τῆς
Ὀδησσοῦ ποὺ κρυφὰ ὀργάνωναν
τὴν ἀντίσταση. Καὶ γιὰ τὴ Ζαν Λα-
μπουρμπὲ, τὴ Γαλλίδα κομμουνίστρια
ποὺ σκοτώθηκε ἀπ' τοὺς Λευκούς,
γιατί μοίραζε προκηρύξεις στοὺς
ναῦτες καὶ στοὺς στρατιῶτες. Τὸ
αἷμα της δὲν χύθηκε ἄδικα.
Οἱ ναῦτες ἔμαθαν τὸ θάνατό της
καὶ ἡ ὀργή τους ξέσπασε. Ἀπ' τὴν
ἡμέρα ἐκείνη ἄρχισαν νὰ συζητοῦν
μεταξύ τους γιὰ τὴν ἐξέγερση. Κι'
ὁ Μαρτὺ ἦταν ἀνάμεσά τους. Ἔτσι.
Ἡ ἱστορία ἀρχίζει ἀπ' αὐτὸ τὸ σημεῖο.
Ἂς τὴ διαβάσουμε μὲ προσοχή.
Θὰ μάθουμε πολλά ἀπ' αὐτή.
τῆς ἔλλης. Οἱ χωριάτες αὐτοὶ ἦταν
δεμένοι στὴ γῆ σὰν σκλάβοι. Ὁ
τσάρος τοὺς ἔπαιρνε τὴ σοδειὰ καὶ
τοὺς ἔστελνε στὸν πόλεμο. Τὸ 1905
ξεσηκώθηκαν πρώτη φορά. Ἡ ἐξέγερση
πνίγηκε στὸ αἷμα. Ἀλλὰ ὁ σπόρος
ἔμεινε. Κι' ἀπὸ τότε οἱ ἐργάτες
καὶ οἱ χωριάτες ἑτοιμάζονταν γιὰ
τὴ μεγάλη μέρα. Ὅταν ἦρθε ὁ πόλε-
μος, ὁ λαὸς ὑπόφερε ἀκόμα περισσό-
τερο. Ἑκατομμύρια σκοτώθηκαν στὰ
μέτωπα. Ἡ πείνα ἔπεσε στὶς πόλεις.
Καὶ τότε, τὸ 1917, ὁ λαὸς σηκώθηκε.

Ἡ Ἐπανάσταση εἶνε Ἰδέα.

Καὶ ἡ ἀρχὴ τῆς ἐπανάστασης ἦταν
στὴν Πετρούπολη. Ἐκεῖ οἱ ἐργάτες
ἔπιασαν τὰ ἐργοστάσια καὶ οἱ
στρατιῶτες ἑνώθηκαν μαζί τους. Ἡ
κυβέρνηση τοῦ Κερένσκη ἔπεσε. Τὰ
Σοβιέτ πῆραν τὴν ἐξουσία. Ἀπ' τὴν
ἡμέρα ἐκείνη ἄρχισε μιὰ καινούργια
ἐποχὴ γιὰ ὅλη τὴν ἀνθρωπότητα.
Ἀλλὰ οἱ ἰμπεριαλιστὲς δὲν τὸ
δέχτηκαν. Ἔστειλαν στρατοὺς ἀπ'
ὅλες τὶς μεριὲς γιὰ νὰ πνίξουν τὴν
ἐπανάσταση. Ἡ Γαλλία ἔστειλε τὸ
στόλο της στὴ Μαύρη Θάλασσα.
Ἐκεῖ βρέθηκε κι' ὁ Ἀντρὲ Μαρτύ.
Ἦταν μηχανικὸς σ' ἕνα ἀντιτορπιλ-
λικό. Εἶχε διαβάσει πολλά γιὰ τὴν
ἐπανάσταση καὶ καταλάβαινε τί
γινόταν. Ἀποφάσισε νὰ μὴν πολεμήσει
τοὺς Ρώσσους ἐργάτες. Κι' ἄρχισε
νὰ μιλᾶ μὲ τοὺς συντρόφους του.
Οἱ ναῦτες τὸν ἄκουγαν προσεχτικά.
Πολλοὶ συμφωνοῦσαν μαζί του. Ἀλλὰ
φοβοῦνταν. Ἡ πειθαρχία στὸ στόλο
ἦταν σκληρή. Ὅποιος μιλοῦσε γιὰ
ἐξέγερση κινδύνευε νὰ τουφεκιστεῖ.
Κι' ὅμως ἡ ἰδέα προχωροῦσε.
Ὁ Μαρτὺ ἤξερε πὼς ἡ στιγμὴ θὰ
ἐρχόταν. Περίμενε ὑπομονετικά.
Καὶ ἑτοίμαζε τοὺς συντρόφους.
σφαγιαζόμενος μέσα στὴν χώρα τους
καὶ πολεμῶντας ἔξω γιὰ τὰ συμφέρον-
τα τῶν πλουσίων. Ὁ Γάλλος ναύτης
ζοῦσε σὲ ἄθλιες συνθῆκες. Ἡ τροφὴ
ἦταν κακή. Ὁ μισθὸς μικρός. Οἱ
ἀξιωματικοὶ τοὺς φέρνονταν σὰν
σὲ ζῶα. Τὰ παράπονα δὲν ἀκούονταν.
Κι' ἐνῷ ὁ πόλεμος εἶχε τελειώσει,
αὐτοὶ ἔμεναν μακριὰ ἀπ' τὰ σπίτια
τους γιὰ νὰ πολεμήσουν ἕνα λαὸ
ποὺ δὲν τοὺς εἶχε κάνει τίποτα.

Στὶς 5 Νοεμβρίου τοῦ 1918, ὁ πόλεμος ἔληξε.

Ἀλλὰ ἡ εἰρήνη δὲν ἦρθε γιὰ τοὺς
ναῦτες. Ἡ κυβέρνηση τοῦ Κλεμανσὼ
ἀποφάσισε νὰ στείλει στόλο καὶ
στρατὸ στὴ Νότια Ρωσσία. Ὁ σκοπὸς
ἦταν νὰ βοηθήσουν τοὺς Λευκοὺς
στρατηγοὺς κατὰ τῶν Μπολσεβίκων.
Οἱ ναῦτες δὲν ἤξεραν στὴν ἀρχὴ
τί πήγαιναν νὰ κάνουν. Τοὺς εἶπαν
πὼς πᾶνε νὰ προστατέψουν τοὺς
Γάλλους πολίτες στὴ Ρωσσία. Ἀλλὰ
γρήγορα κατάλαβαν τὴν ἀλήθεια.
Εἶδαν τοὺς Λευκοὺς νὰ κρεμοῦν
ἐργάτες στοὺς δρόμους. Εἶδαν τὴν
πείνα τοῦ λαοῦ. Καὶ εἶδαν πὼς ὁ
λαὸς ἦταν μὲ τοὺς Μπολσεβίκους.

Ὁ Μαρτὺ διαβαίνει τὰ βουνὰ τῆς Κριμαίας.

Ἐκεῖ βλέπει τὴ φτώχεια τῶν
Τατάρων καὶ τῶν Ρώσσων χωριατῶν.
Τοὺς μιλᾶ καὶ μαθαίνει. Κι' ἡ ἀπό-
φασή του γίνεται ἀκόμα πιὸ σταθερή.
Γυρίζοντας στὸ πλοῖο του ἀρχίζει νὰ
ὀργανώνει τὸ σχέδιο τῆς ἐξέγερσης.
τὸ γίγαντα ποὺ μπορεῖ τὸν πόλεμο
στὴ Γαλλία, κι' ἔτσι γλύτωσαν
ἀπ' τὴν καταστροφή. Οἱ ἐργάτες
τῆς Γαλλίας εἶδαν στὴν ἐξέγερση
τῶν ναυτῶν ἕνα παράδειγμα. Ὁ
ἀγῶνας τους ἦταν καὶ δικός τους.
Ὅλη ἡ χώρα συγκινήθηκε. Στὰ ἐργο-
στάσια γίνονταν συγκεντρώσεις. Οἱ
ἐργάτες ζητοῦσαν ἀμνηστία γιὰ τοὺς
ναῦτες. Ἡ κυβέρνηση ἀρνιόταν.
Ἀλλὰ τὸ κίνημα μεγάλωνε κάθε μέρα.
Στὶς ἐκλογὲς ὁ λαὸς ἐξέλεξε τὸ
Μαρτὺ βουλευτή, ἐνῷ ἦταν ἀκόμα
στὴ φυλακή. Αὐτὸ ἦταν μεγάλη
νίκη. Ἡ κυβέρνηση ἀναγκάστηκε
νὰ τὸν ἀπελευθερώσει. Κι' ὁ Μαρτὺ
βγῆκε ἀπ' τὴ φυλακὴ σὰν ἥρωας.
Ἀπὸ τότε ἀγωνίζεται στὶς πρῶτες
γραμμὲς τοῦ γαλλικοῦ προλεταριάτου.
Εἶνε ἀπ' τοὺς πιὸ ἀγαπητοὺς ἀρχηγοὺς
τοῦ Κομμουνιστικοῦ Κόμματος. Ὁ λαὸς
τὸν ἀγαπᾶ γιατί ἔμεινε πιστὸς σ'
αὐτὸν καὶ στὴν ὑπόθεσή του. Ἔτσι
γεννιοῦνται οἱ πραγματικοὶ ἡγέτες.
Μέσα στὸν ἀγῶνα, κι' ὄχι στὰ γραφεῖα.
Τὸ βιβλίο του ἔχει μεταφραστεῖ σὲ
πολλὲς γλῶσσες. Τώρα τὸ δίνουμε
καὶ στοὺς Ἕλληνες ἀναγνῶστες μας.
Εἴμαστε βέβαιοι πὼς θὰ τοὺς ἀρέσει.
τῆς Γαλλικῆς Ἐπανάστασης. Καὶ γιὰ
τῆς Ρωσσικῆς Ἐπανάστασης τὴν ἱστορία.
Ἐκεῖ βρίσκουμε τὰ αἴτια, τὶς
συνθῆκες, τοὺς ἀνθρώπους. Κι'
ἐκεῖ βλέπουμε πῶς οἱ λαοὶ τῆς
Εὐρώπης ἑνώνονται ἀπ' τὸν κοινὸ
ἀγῶνα τους. Χρειάζεται μόνο νὰ
τὸ καταλάβουν κι' αὐτοί.
Καὶ ὕστερα ἡ ἱστορία ἐξελίσσεται.
Ἀπὸ τὰ λιμάνια τῆς Μαύρης
Θάλασσας ἡ φλόγα ἁπλώνεται στὸ
Αἰγαῖο καὶ στὴ Μεσόγειο. Ἡ ἐξέγερση
ἔχει γίνει ἀκατάσχετη. Οἱ ἀξιω-
ματικοὶ τὰ χάνουν. Ἡ κυβέρνηση
διατάζει ἀνάκληση τοῦ στόλου.
Μιὰ ἐλπίδα τὸν κρατᾶ. Ἡ νίκη
ἔχει ἀρχίσει νὰ φαίνεται. Σὲ λίγες
μέρες τὰ πλοῖα φεύγουν ἀπ' τὴν
Ὀδησσὸ καὶ γυρίζουν στὴ Γαλλία.
Ἡ Ρωσσία σώθηκε ἀπ' αὐτὸν τὸν
κίνδυνο. Μιὰ ἐλπίδα ξανάνθισε.
Πενήντα χρόνια μετὰ τὴν Κομμούνα,
οἱ Γάλλοι ἐργάτες καὶ ναῦτες ἔδειξαν
πάλι πὼς ξέρουν νὰ ἀγωνίζονται.
Ἡ Ρωσσικὴ ἐπανάσταση πρόσφερε στὴν
ἀνθρωπότητα τὴν πρώτη νίκη. Ἡ
Γαλλία πρόσφερε τὴ βοήθεια τῶν
ναυτῶν της. Αὐτὸ δὲ θὰ ξεχαστεῖ.
('Ακολουθεῖ)
